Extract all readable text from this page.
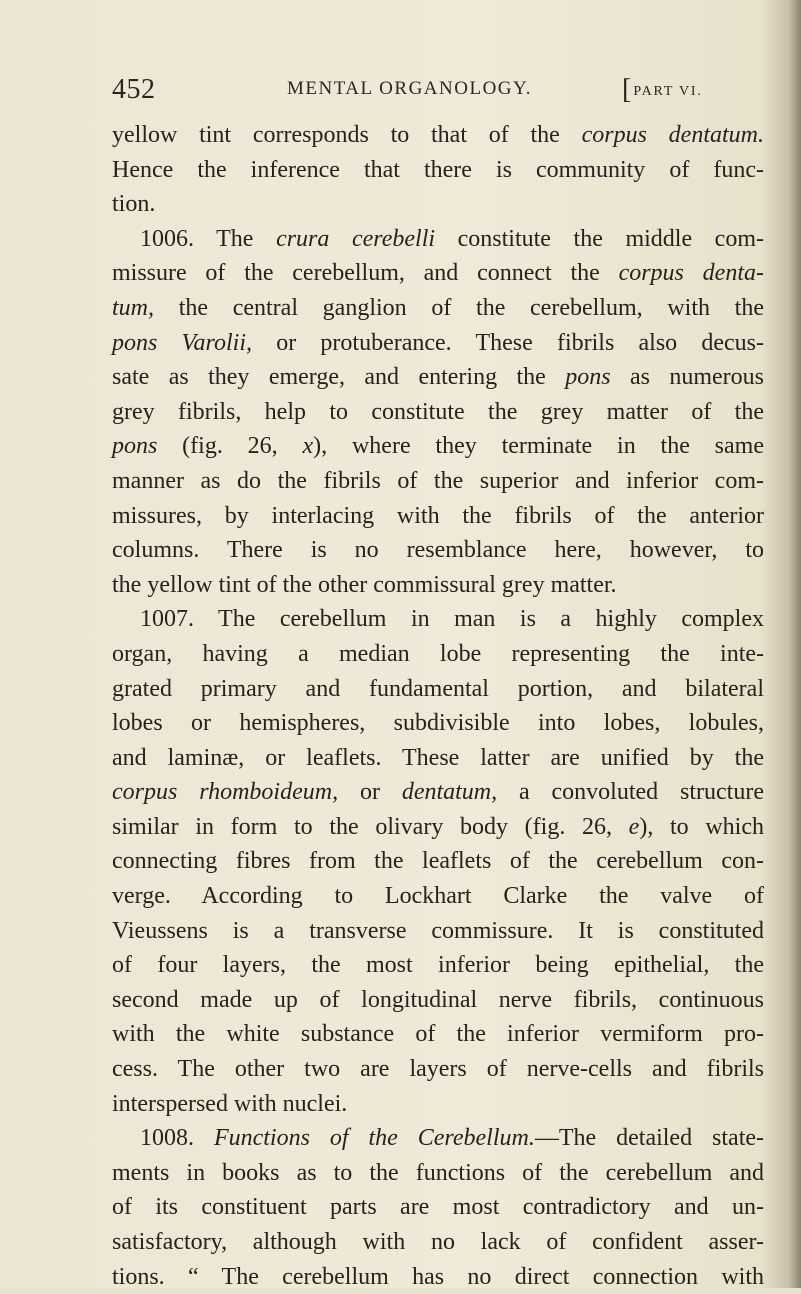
452	MENTAL ORGANOLOGY.	[ PART VI.
yellow tint corresponds to that of the corpus dentatum.
Hence the inference that there is community of func-
tion.
1006. The crura cerebelli constitute the middle com-
missure of the cerebellum, and connect the corpus denta-
tum, the central ganglion of the cerebellum, with the
pons Varolii, or protuberance. These fibrils also decus-
sate as they emerge, and entering the pons as numerous
grey fibrils, help to constitute the grey matter of the
pons (fig. 26, x), where they terminate in the same
manner as do the fibrils of the superior and inferior com-
missures, by interlacing with the fibrils of the anterior
columns. There is no resemblance here, however, to
the yellow tint of the other commissural grey matter.
1007. The cerebellum in man is a highly complex
organ, having a median lobe representing the inte-
grated primary and fundamental portion, and bilateral
lobes or hemispheres, subdivisible into lobes, lobules,
and laminæ, or leaflets. These latter are unified by the
corpus rhomboideum, or dentatum, a convoluted structure
similar in form to the olivary body (fig. 26, e), to which
connecting fibres from the leaflets of the cerebellum con-
verge. According to Lockhart Clarke the valve of
Vieussens is a transverse commissure. It is constituted
of four layers, the most inferior being epithelial, the
second made up of longitudinal nerve fibrils, continuous
with the white substance of the inferior vermiform pro-
cess. The other two are layers of nerve-cells and fibrils
interspersed with nuclei.
1008. Functions of the Cerebellum.—The detailed state-
ments in books as to the functions of the cerebellum and
of its constituent parts are most contradictory and un-
satisfactory, although with no lack of confident asser-
tions. “ The cerebellum has no direct connection with
